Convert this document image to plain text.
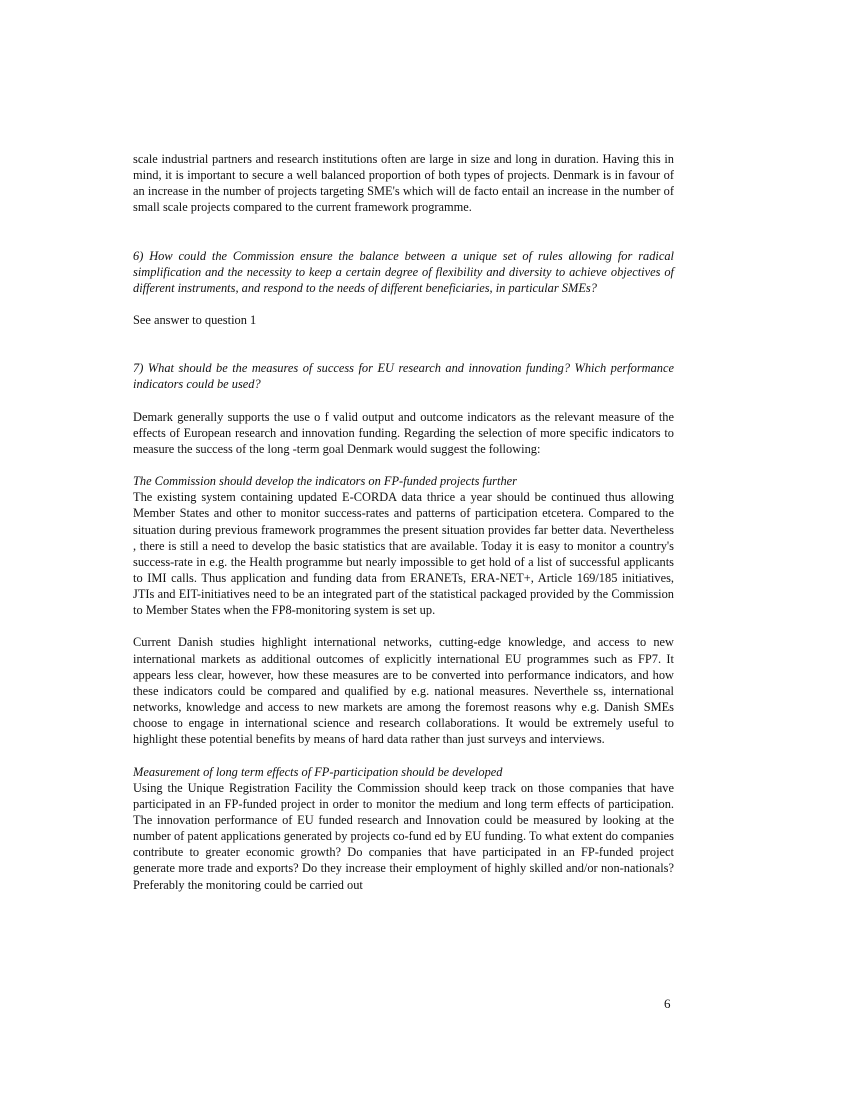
scale industrial partners and research institutions often are large in size and long in duration. Having this in mind, it is important to secure a well balanced proportion of both types of projects. Denmark is in favour of an increase in the number of projects targeting SME's which will de facto entail an increase in the number of small scale projects compared to the current framework programme.

6) How could the Commission ensure the balance between a unique set of rules allowing for radical simplification and the necessity to keep a certain degree of flexibility and diversity to achieve objectives of different instruments, and respond to the needs of different beneficiaries, in particular SMEs?

See answer to question 1

7) What should be the measures of success for EU research and innovation funding? Which performance indicators could be used?

Demark generally supports the use o f valid output and outcome indicators as the relevant measure of the effects of European research and innovation funding. Regarding the selection of more specific indicators to measure the success of the long -term goal Denmark would suggest the following:

The Commission should develop the indicators on FP-funded projects further

The existing system containing updated E-CORDA data thrice a year should be continued thus allowing Member States and other to monitor success-rates and patterns of participation etcetera. Compared to the situation during previous framework programmes the present situation provides far better data. Nevertheless , there is still a need to develop the basic statistics that are available. Today it is easy to monitor a country's success-rate in e.g. the Health programme but nearly impossible to get hold of a list of successful applicants to IMI calls. Thus application and funding data from ERANETs, ERA-NET+, Article 169/185 initiatives, JTIs and EIT-initiatives need to be an integrated part of the statistical packaged provided by the Commission to Member States when the FP8-monitoring system is set up.

Current Danish studies highlight international networks, cutting-edge knowledge, and access to new international markets as additional outcomes of explicitly international EU programmes such as FP7. It appears less clear, however, how these measures are to be converted into performance indicators, and how these indicators could be compared and qualified by e.g. national measures. Neverthele ss, international networks, knowledge and access to new markets are among the foremost reasons why e.g. Danish SMEs choose to engage in international science and research collaborations. It would be extremely useful to highlight these potential benefits by means of hard data rather than just surveys and interviews.

Measurement of long term effects of FP-participation should be developed

Using the Unique Registration Facility the Commission should keep track on those companies that have participated in an FP-funded project in order to monitor the medium and long term effects of participation. The innovation performance of EU funded research and Innovation could be measured by looking at the number of patent applications generated by projects co-fund ed by EU funding. To what extent do companies contribute to greater economic growth? Do companies that have participated in an FP-funded project generate more trade and exports? Do they increase their employment of highly skilled and/or non-nationals? Preferably the monitoring could be carried out

6
